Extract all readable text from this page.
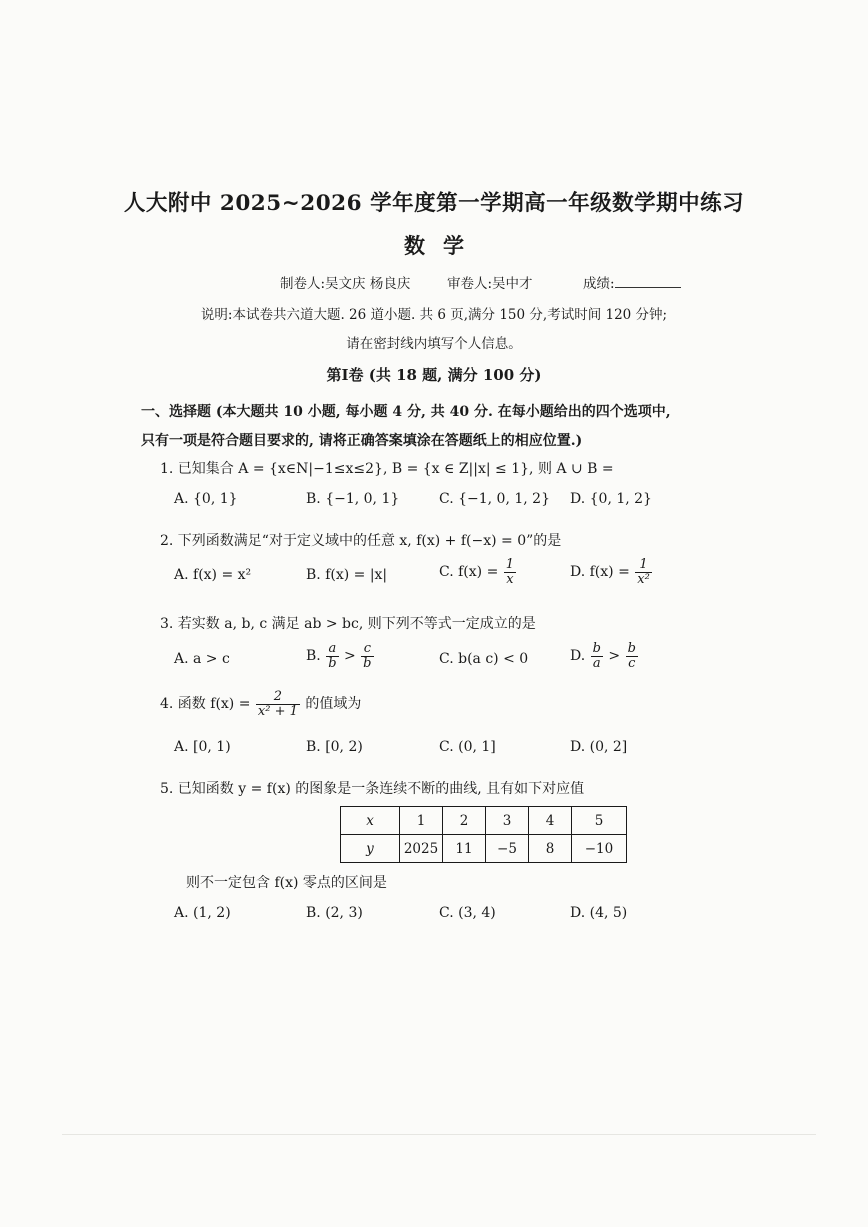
人大附中 2025~2026 学年度第一学期高一年级数学期中练习
数学
制卷人:吴文庆 杨良庆	审卷人:吴中才	成绩:
说明:本试卷共六道大题. 26 道小题. 共 6 页,满分 150 分,考试时间 120 分钟;
请在密封线内填写个人信息。
第Ⅰ卷 (共 18 题, 满分 100 分)
一、选择题 (本大题共 10 小题, 每小题 4 分, 共 40 分. 在每小题给出的四个选项中, 只有一项是符合题目要求的, 请将正确答案填涂在答题纸上的相应位置.)
1. 已知集合 A = {x∈N|−1≤x≤2}, B = {x ∈ Z||x| ≤ 1}, 则 A ∪ B =
A. {0, 1}	B. {−1, 0, 1}	C. {−1, 0, 1, 2} D. {0, 1, 2}
2. 下列函数满足“对于定义域中的任意 x, f(x) + f(−x) = 0”的是
A. f(x) = x²	B. f(x) = |x|	C. $f(x) = \frac{1}{x}$	D. $f(x) = \frac{1}{\text{x²}}$
3. 若实数 a, b, c 满足 ab > bc, 则下列不等式一定成立的是
A. a > c	B. $\frac{a}{b} > \frac{c}{b}$	C. b(a c) < 0	D. $\frac{b}{a} > \frac{b}{c}$
4. 函数 $f(x) = \frac{2}{\text{x² + 1}}$ 的值域为
A. [0, 1)	B. [0, 2)	C. (0, 1]	D. (0, 2]
5. 已知函数 y = f(x) 的图象是一条连续不断的曲线, 且有如下对应值
x	1	2	3	4	5
y	2025	11	−5	8	−10
则不一定包含 f(x) 零点的区间是
A. (1, 2)	B. (2, 3)	C. (3, 4)	D. (4, 5)
